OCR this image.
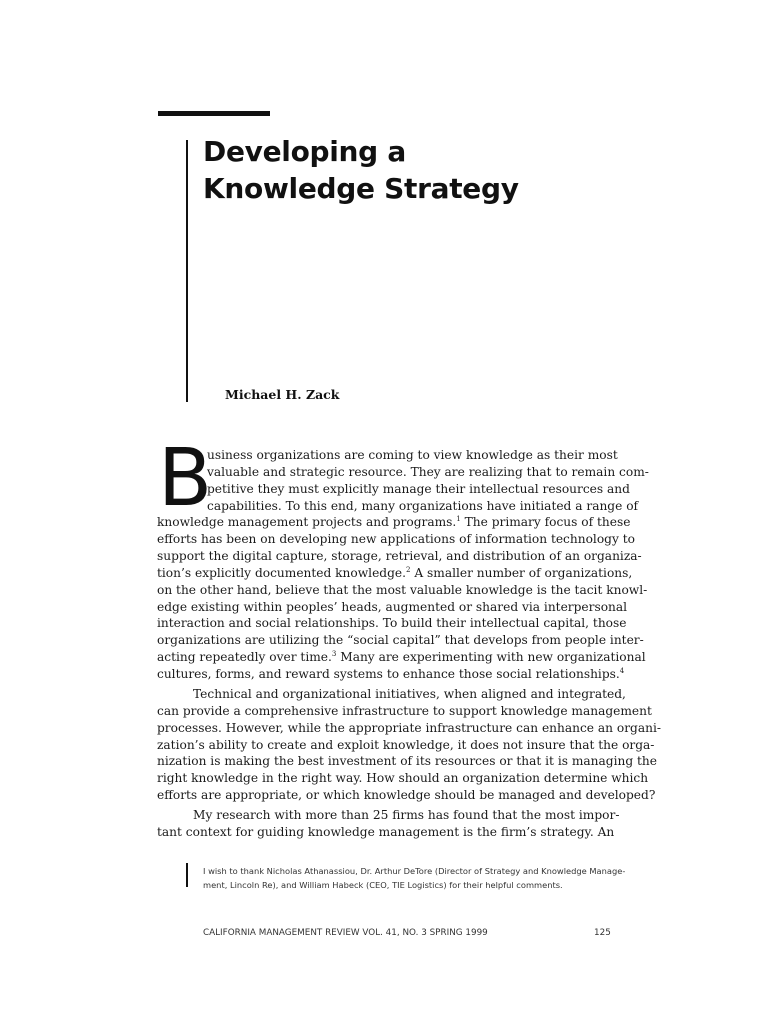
Developing a
Knowledge Strategy
Michael H. Zack
B
usiness organizations are coming to view knowledge as their most
valuable and strategic resource. They are realizing that to remain com-
petitive they must explicitly manage their intellectual resources and
capabilities. To this end, many organizations have initiated a range of
knowledge management projects and programs.$^1$ The primary focus of these
efforts has been on developing new applications of information technology to
support the digital capture, storage, retrieval, and distribution of an organiza-
tion’s explicitly documented knowledge.$^2$ A smaller number of organizations,
on the other hand, believe that the most valuable knowledge is the tacit knowl-
edge existing within peoples’ heads, augmented or shared via interpersonal
interaction and social relationships. To build their intellectual capital, those
organizations are utilizing the “social capital” that develops from people inter-
acting repeatedly over time.$^3$ Many are experimenting with new organizational
cultures, forms, and reward systems to enhance those social relationships.$^4$
Technical and organizational initiatives, when aligned and integrated,
can provide a comprehensive infrastructure to support knowledge management
processes. However, while the appropriate infrastructure can enhance an organi-
zation’s ability to create and exploit knowledge, it does not insure that the orga-
nization is making the best investment of its resources or that it is managing the
right knowledge in the right way. How should an organization determine which
efforts are appropriate, or which knowledge should be managed and developed?
My research with more than 25 firms has found that the most impor-
tant context for guiding knowledge management is the firm’s strategy. An
I wish to thank Nicholas Athanassiou, Dr. Arthur DeTore (Director of Strategy and Knowledge Manage-
ment, Lincoln Re), and William Habeck (CEO, TIE Logistics) for their helpful comments.
CALIFORNIA MANAGEMENT REVIEW VOL. 41, NO. 3 SPRING 1999	125
